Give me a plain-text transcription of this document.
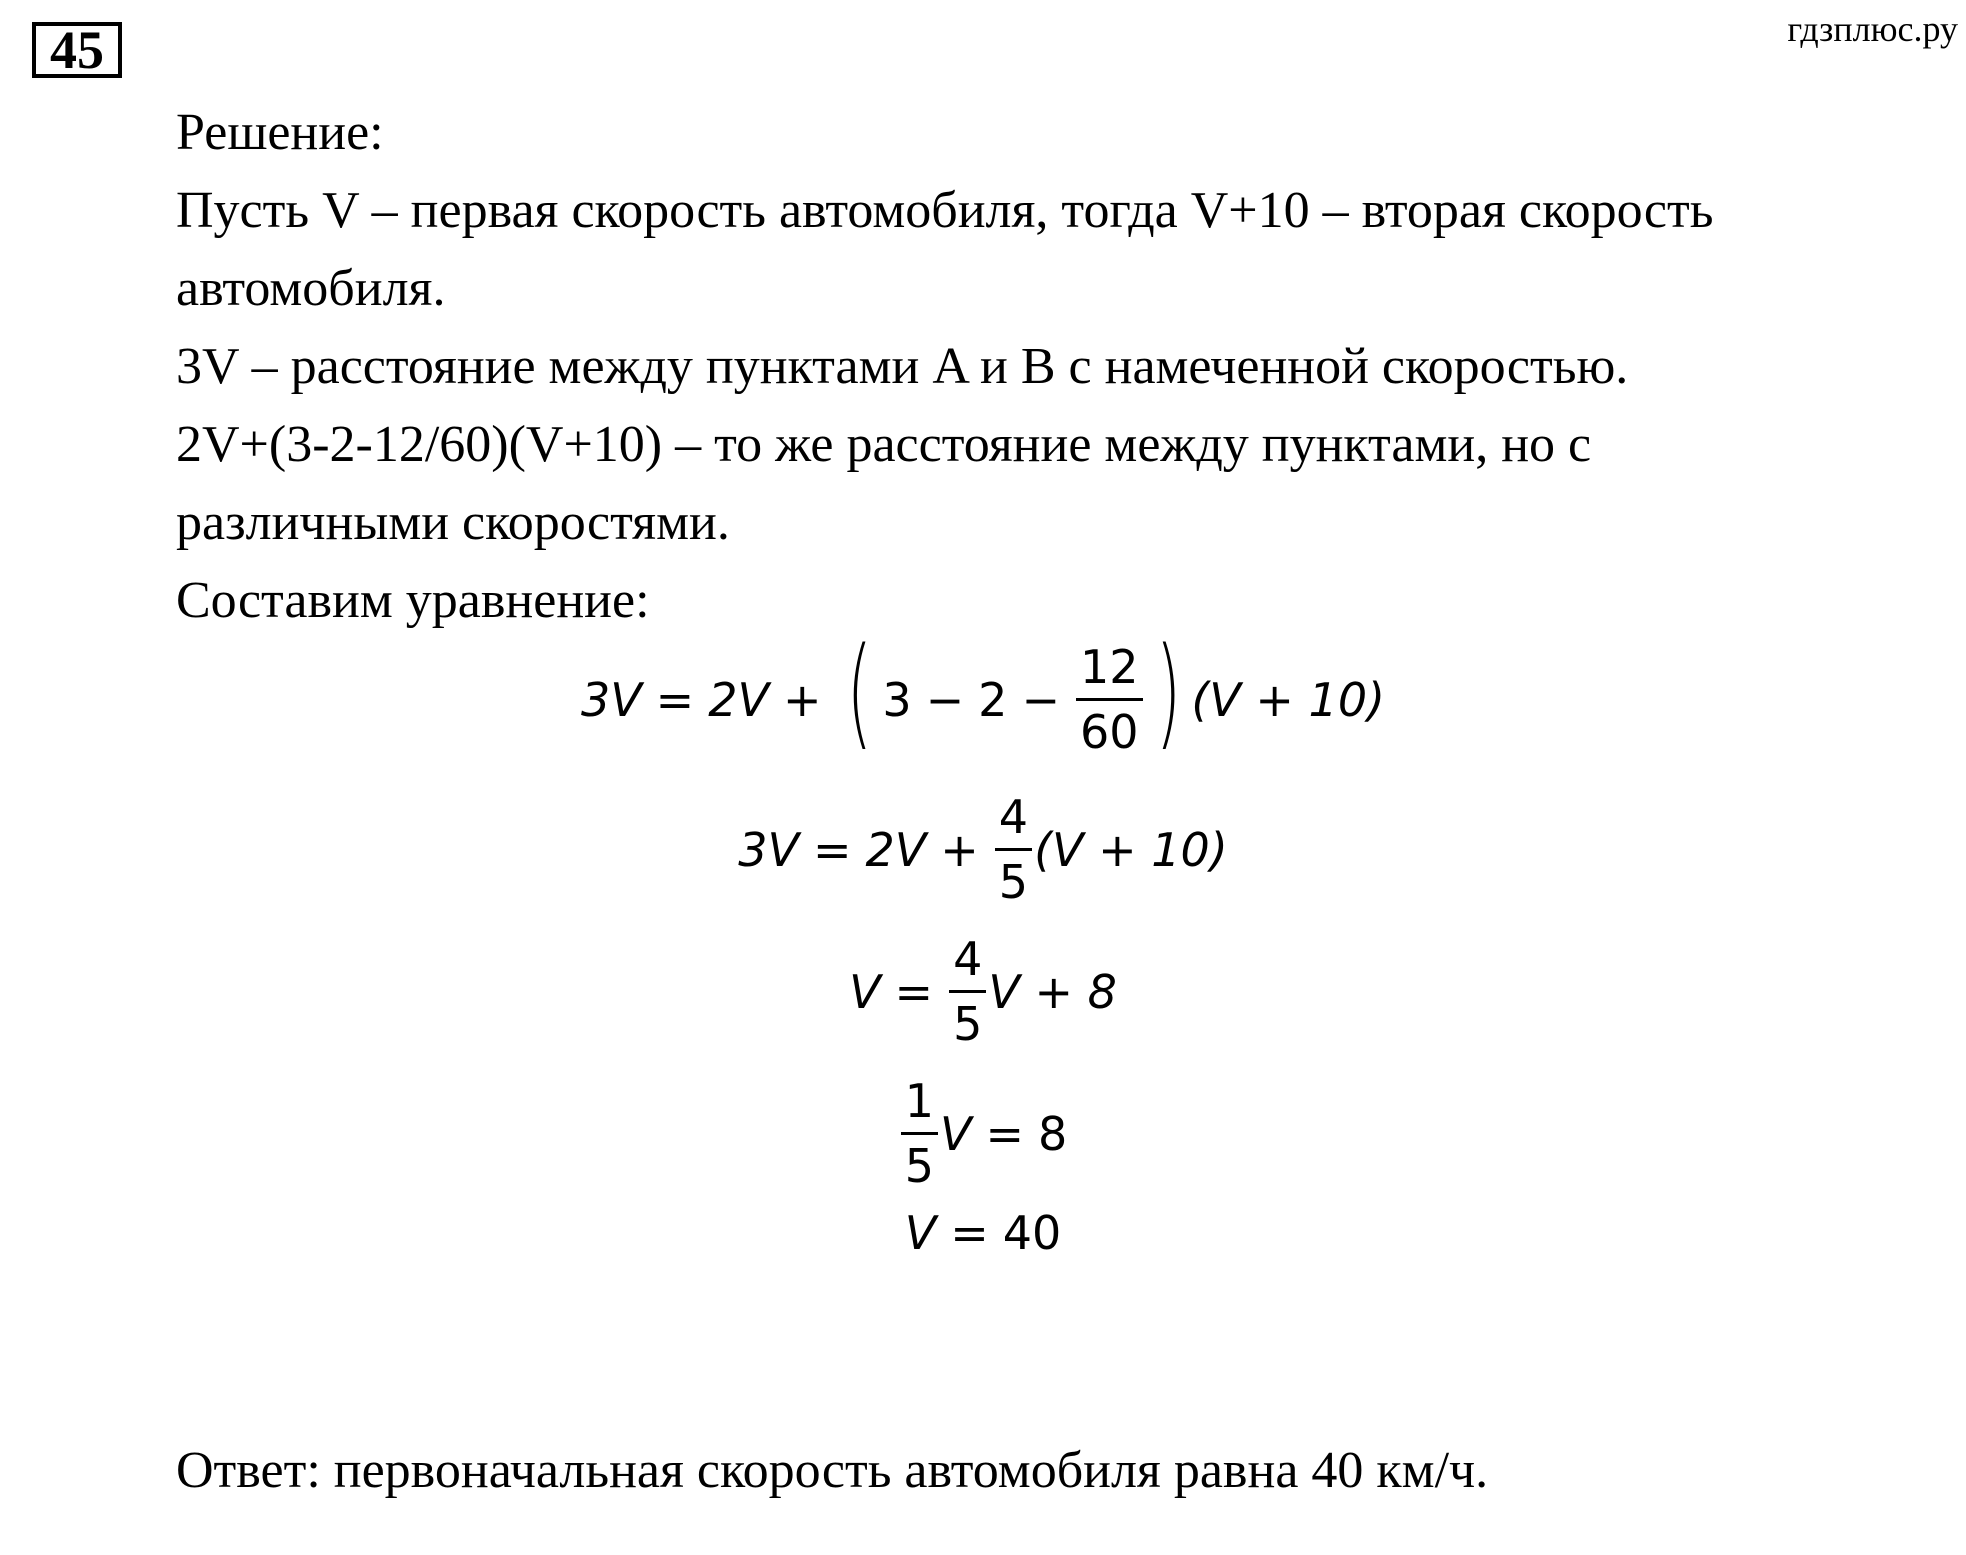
45	гдзплюс.ру

Решение:

Пусть V – первая скорость автомобиля, тогда V+10 – вторая скорость

автомобиля.

3V – расстояние между пунктами A и B с намеченной скоростью.

2V+(3-2-12/60)(V+10) – то же расстояние между пунктами, но с

различными скоростями.

Составим уравнение:

3V = 2V + ( $3 - 2 - \frac{12}{60}$ ) (V + 10)
$3V = 2V + \frac{4}{5} (V + 10)$
$V = \frac{4}{5}$ V + 8
$\frac{1}{5}$ V = 8
V = 40
Ответ: первоначальная скорость автомобиля равна 40 км/ч.
